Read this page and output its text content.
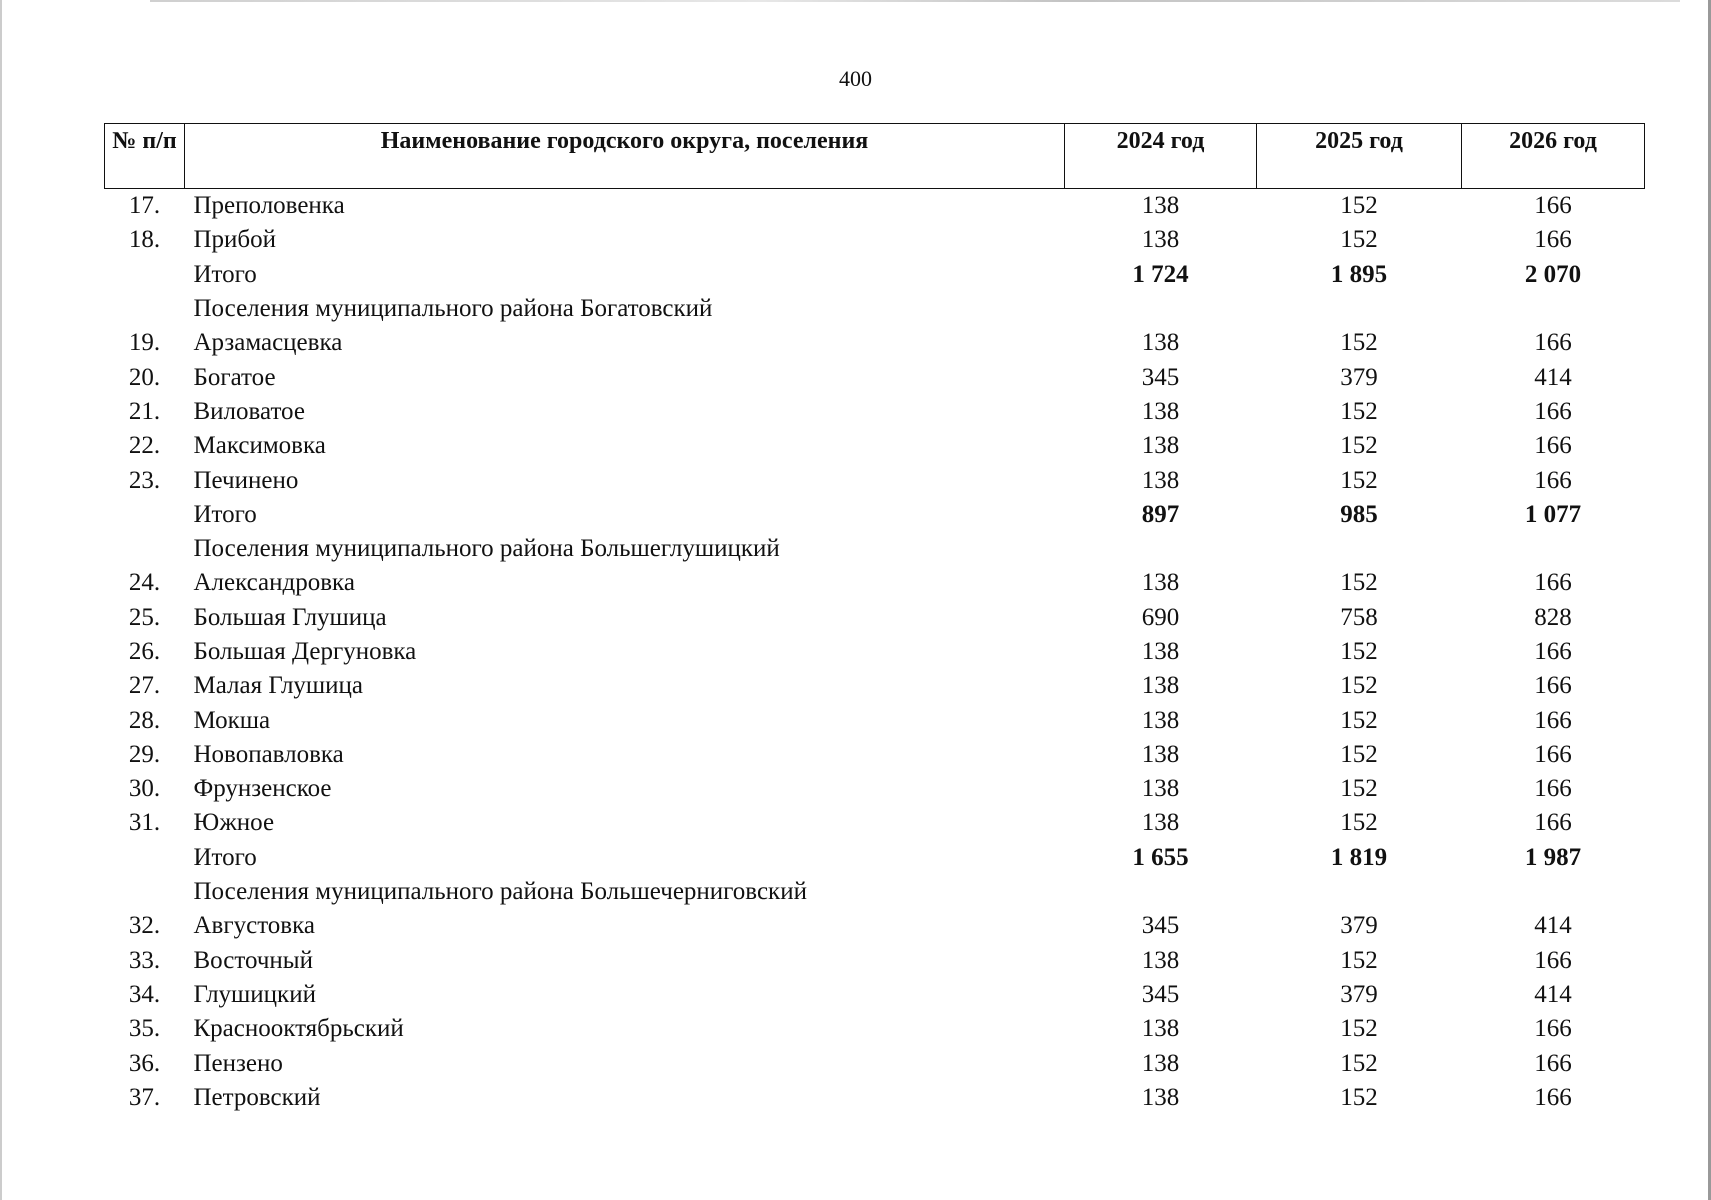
400
№ п/п	Наименование городского округа, поселения	2024 год	2025 год	2026 год
17.	Преполовенка	138	152	166
18.	Прибой	138	152	166
	Итого	1 724	1 895	2 070
	Поселения муниципального района Богатовский			
19.	Арзамасцевка	138	152	166
20.	Богатое	345	379	414
21.	Виловатое	138	152	166
22.	Максимовка	138	152	166
23.	Печинено	138	152	166
	Итого	897	985	1 077
	Поселения муниципального района Большеглушицкий			
24.	Александровка	138	152	166
25.	Большая Глушица	690	758	828
26.	Большая Дергуновка	138	152	166
27.	Малая Глушица	138	152	166
28.	Мокша	138	152	166
29.	Новопавловка	138	152	166
30.	Фрунзенское	138	152	166
31.	Южное	138	152	166
	Итого	1 655	1 819	1 987
	Поселения муниципального района Большечерниговский			
32.	Августовка	345	379	414
33.	Восточный	138	152	166
34.	Глушицкий	345	379	414
35.	Краснооктябрьский	138	152	166
36.	Пензено	138	152	166
37.	Петровский	138	152	166
